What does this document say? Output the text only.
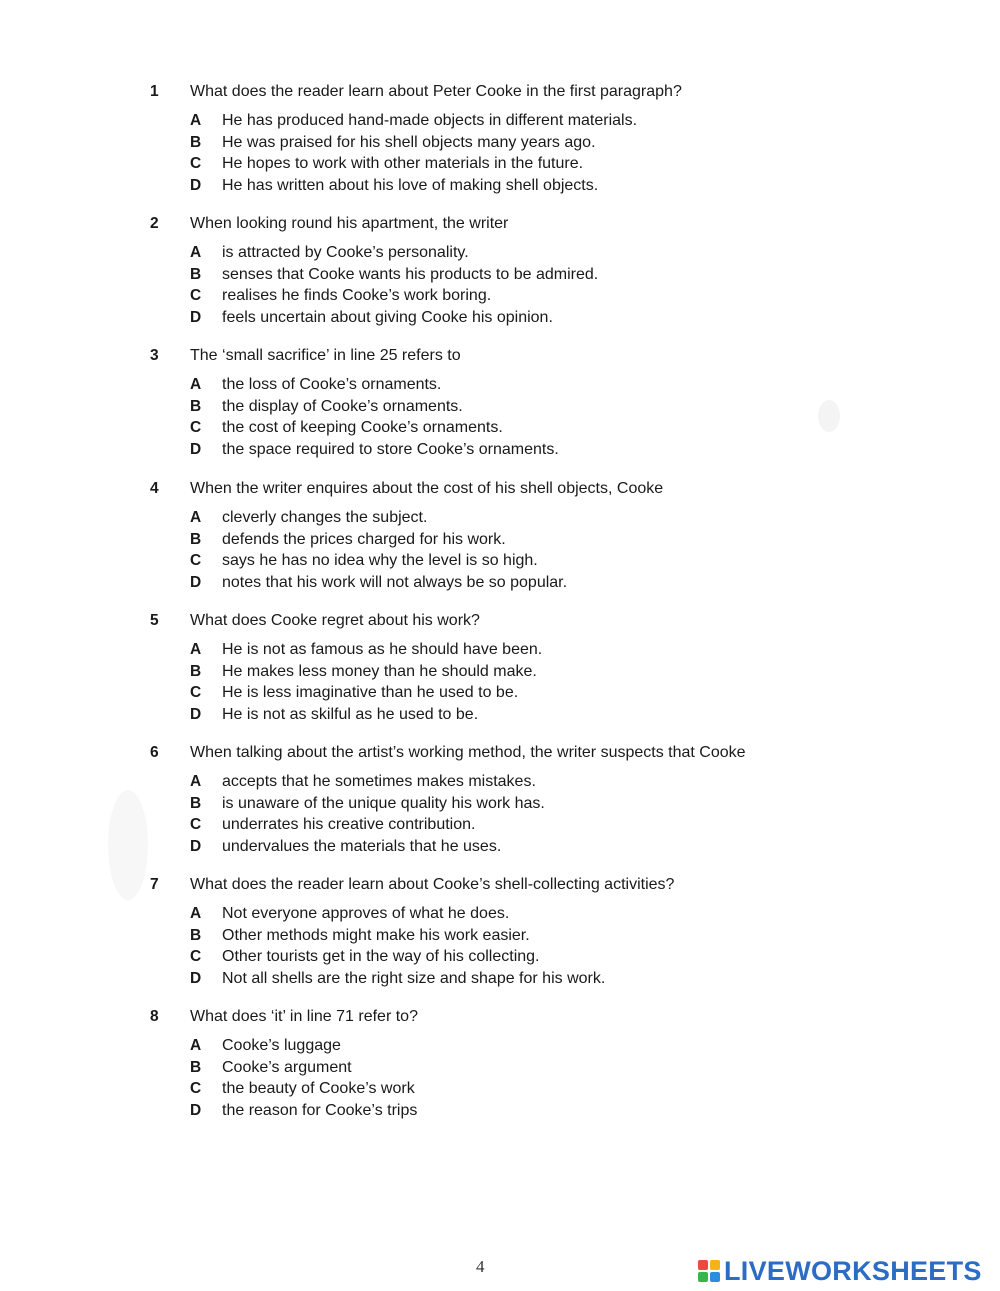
1 What does the reader learn about Peter Cooke in the first paragraph?
A He has produced hand-made objects in different materials.
B He was praised for his shell objects many years ago.
C He hopes to work with other materials in the future.
D He has written about his love of making shell objects.
2 When looking round his apartment, the writer
A is attracted by Cooke’s personality.
B senses that Cooke wants his products to be admired.
C realises he finds Cooke’s work boring.
D feels uncertain about giving Cooke his opinion.
3 The ‘small sacrifice’ in line 25 refers to
A the loss of Cooke’s ornaments.
B the display of Cooke’s ornaments.
C the cost of keeping Cooke’s ornaments.
D the space required to store Cooke’s ornaments.
4 When the writer enquires about the cost of his shell objects, Cooke
A cleverly changes the subject.
B defends the prices charged for his work.
C says he has no idea why the level is so high.
D notes that his work will not always be so popular.
5 What does Cooke regret about his work?
A He is not as famous as he should have been.
B He makes less money than he should make.
C He is less imaginative than he used to be.
D He is not as skilful as he used to be.
6 When talking about the artist’s working method, the writer suspects that Cooke
A accepts that he sometimes makes mistakes.
B is unaware of the unique quality his work has.
C underrates his creative contribution.
D undervalues the materials that he uses.
7 What does the reader learn about Cooke’s shell-collecting activities?
A Not everyone approves of what he does.
B Other methods might make his work easier.
C Other tourists get in the way of his collecting.
D Not all shells are the right size and shape for his work.
8 What does ‘it’ in line 71 refer to?
A Cooke’s luggage
B Cooke’s argument
C the beauty of Cooke’s work
D the reason for Cooke’s trips
4	LIVEWORKSHEETS
